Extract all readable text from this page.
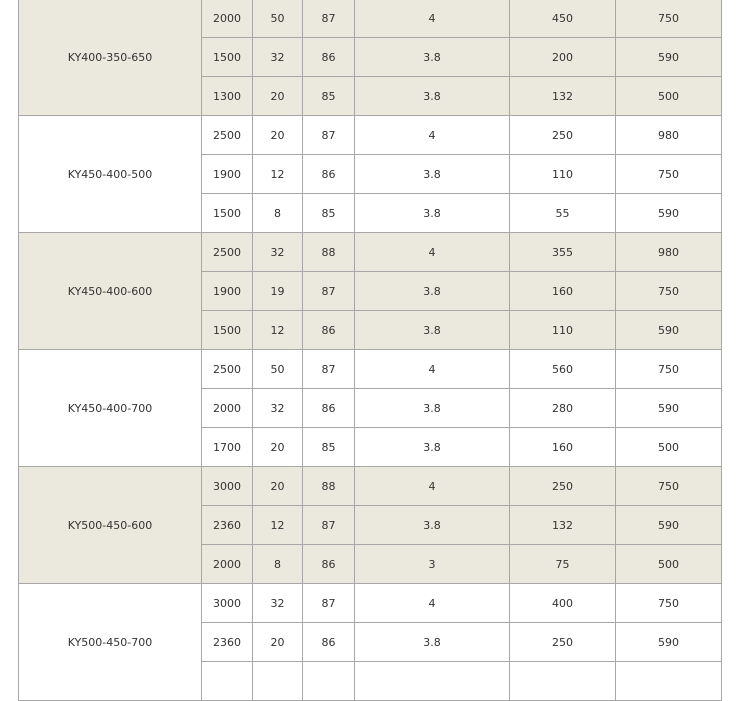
KY400-350-650	2000	50	87	4	450	750
	1500	32	86	3.8	200	590
	1300	20	85	3.8	132	500
KY450-400-500	2500	20	87	4	250	980
	1900	12	86	3.8	110	750
	1500	8	85	3.8	55	590
KY450-400-600	2500	32	88	4	355	980
	1900	19	87	3.8	160	750
	1500	12	86	3.8	110	590
KY450-400-700	2500	50	87	4	560	750
	2000	32	86	3.8	280	590
	1700	20	85	3.8	160	500
KY500-450-600	3000	20	88	4	250	750
	2360	12	87	3.8	132	590
	2000	8	86	3	75	500
KY500-450-700	3000	32	87	4	400	750
	2360	20	86	3.8	250	590
